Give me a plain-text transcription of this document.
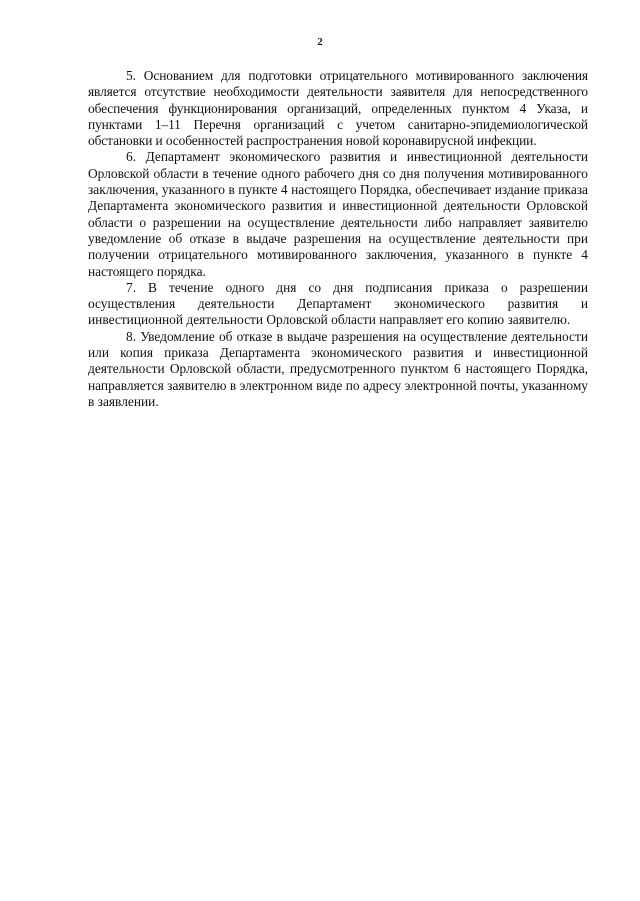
2

5. Основанием для подготовки отрицательного мотивированного заключения является отсутствие необходимости деятельности заявителя для непосредственного обеспечения функционирования организаций, определенных пунктом 4 Указа, и пунктами 1–11 Перечня организаций с учетом санитарно-эпидемиологической обстановки и особенностей распространения новой коронавирусной инфекции.

6. Департамент экономического развития и инвестиционной деятельности Орловской области в течение одного рабочего дня со дня получения мотивированного заключения, указанного в пункте 4 настоящего Порядка, обеспечивает издание приказа Департамента экономического развития и инвестиционной деятельности Орловской области о разрешении на осуществление деятельности либо направляет заявителю уведомление об отказе в выдаче разрешения на осуществление деятельности при получении отрицательного мотивированного заключения, указанного в пункте 4 настоящего порядка.

7. В течение одного дня со дня подписания приказа о разрешении осуществления деятельности Департамент экономического развития и инвестиционной деятельности Орловской области направляет его копию заявителю.

8. Уведомление об отказе в выдаче разрешения на осуществление деятельности или копия приказа Департамента экономического развития и инвестиционной деятельности Орловской области, предусмотренного пунктом 6 настоящего Порядка, направляется заявителю в электронном виде по адресу электронной почты, указанному в заявлении.
